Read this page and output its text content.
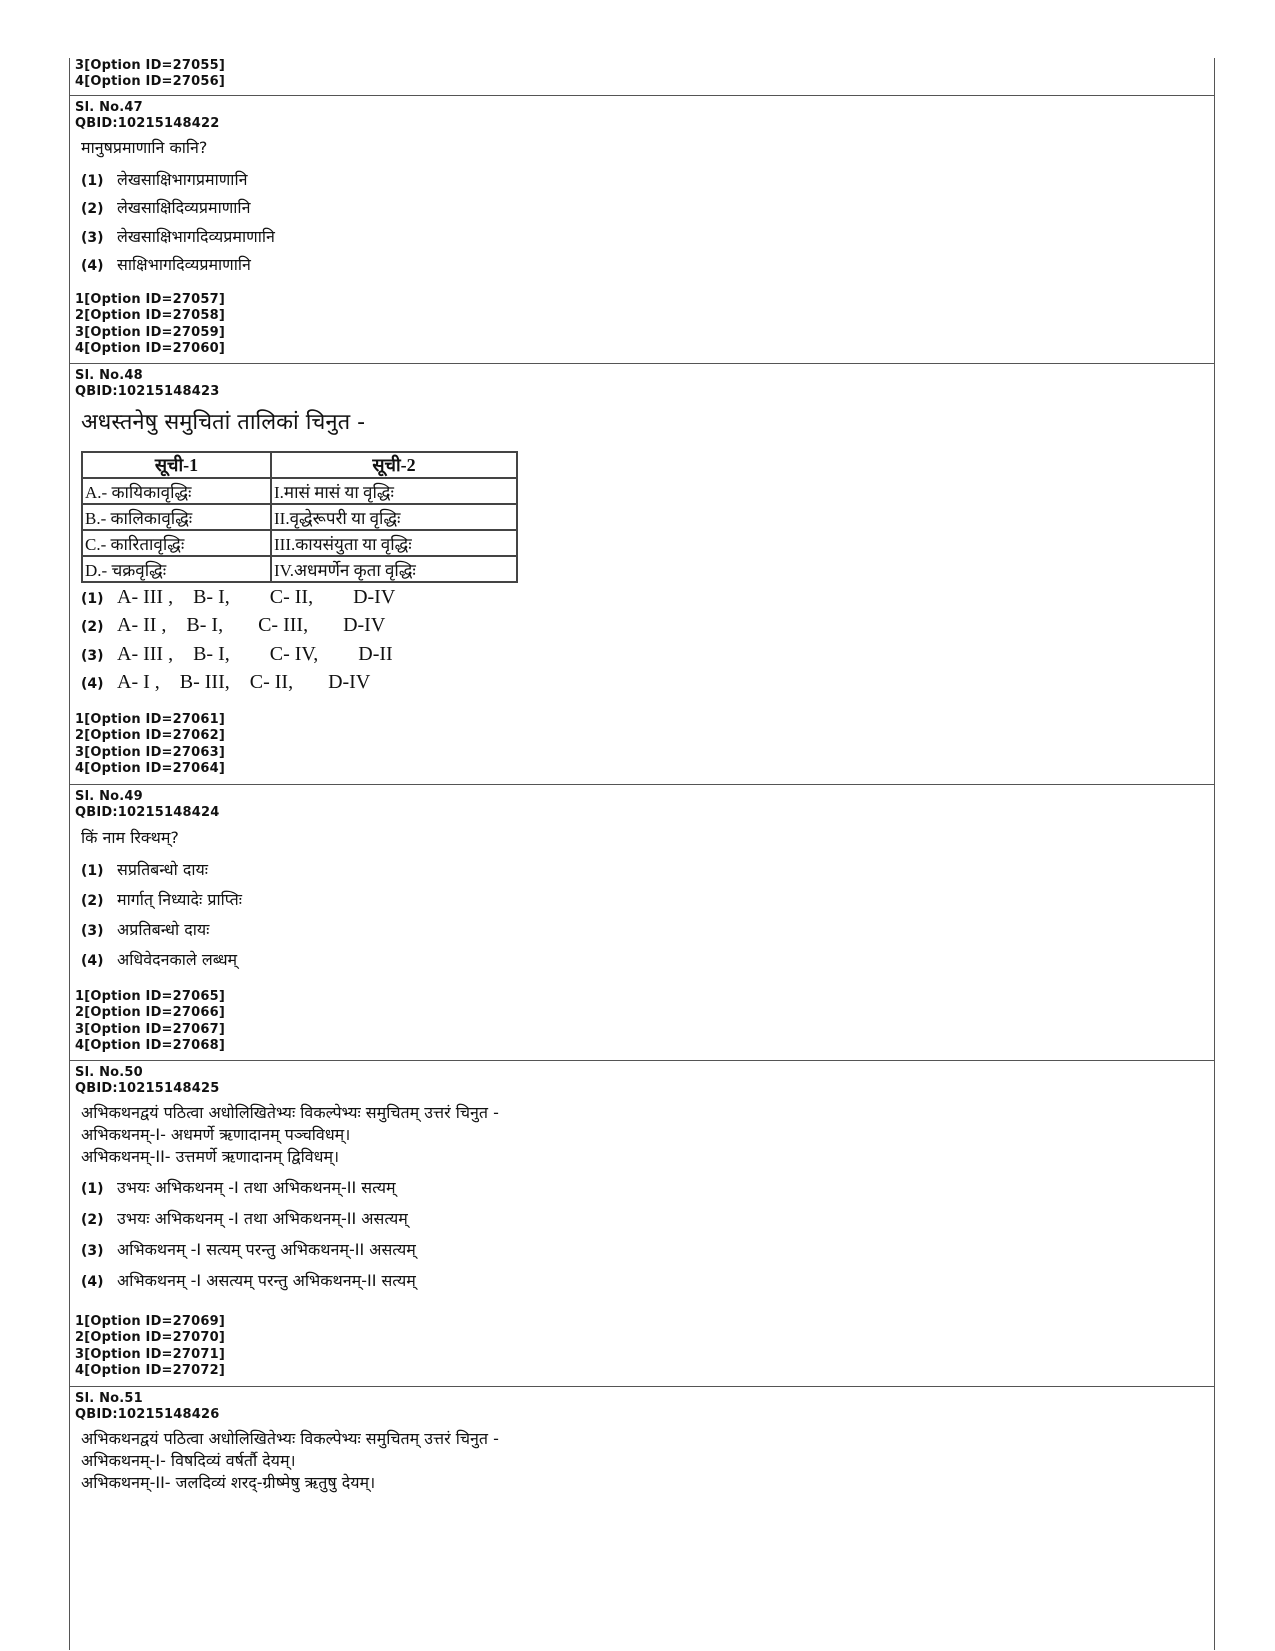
3[Option ID=27055]
4[Option ID=27056]
Sl. No.47
QBID:10215148422
मानुषप्रमाणानि कानि?
(1) लेखसाक्षिभागप्रमाणानि
(2) लेखसाक्षिदिव्यप्रमाणानि
(3) लेखसाक्षिभागदिव्यप्रमाणानि
(4) साक्षिभागदिव्यप्रमाणानि
1[Option ID=27057]
2[Option ID=27058]
3[Option ID=27059]
4[Option ID=27060]
Sl. No.48
QBID:10215148423
अधस्तनेषु समुचितां तालिकां चिनुत -
सूची-1	सूची-2
A.- कायिकावृद्धिः	I.मासं मासं या वृद्धिः
B.- कालिकावृद्धिः	II.वृद्धेरूपरी या वृद्धिः
C.- कारितावृद्धिः	III.कायसंयुता या वृद्धिः
D.- चक्रवृद्धिः	IV.अधमर्णेन कृता वृद्धिः
(1) A- III ,    B- I,        C- II,        D-IV
(2) A- II ,    B- I,       C- III,       D-IV
(3) A- III ,    B- I,        C- IV,        D-II
(4) A- I ,    B- III,    C- II,       D-IV
1[Option ID=27061]
2[Option ID=27062]
3[Option ID=27063]
4[Option ID=27064]
Sl. No.49
QBID:10215148424
किं नाम रिक्थम्?
(1) सप्रतिबन्धो दायः
(2) मार्गात् निध्यादेः प्राप्तिः
(3) अप्रतिबन्धो दायः
(4) अधिवेदनकाले लब्धम्
1[Option ID=27065]
2[Option ID=27066]
3[Option ID=27067]
4[Option ID=27068]
Sl. No.50
QBID:10215148425
अभिकथनद्वयं पठित्वा अधोलिखितेभ्यः विकल्पेभ्यः समुचितम् उत्तरं चिनुत -
अभिकथनम्-I- अधमर्णे ऋणादानम् पञ्चविधम्।
अभिकथनम्-II- उत्तमर्णे ऋणादानम् द्विविधम्।
(1) उभयः अभिकथनम् -I तथा अभिकथनम्-II सत्यम्
(2) उभयः अभिकथनम् -I तथा अभिकथनम्-II असत्यम्
(3) अभिकथनम् -I सत्यम् परन्तु अभिकथनम्-II असत्यम्
(4) अभिकथनम् -I असत्यम् परन्तु अभिकथनम्-II सत्यम्
1[Option ID=27069]
2[Option ID=27070]
3[Option ID=27071]
4[Option ID=27072]
Sl. No.51
QBID:10215148426
अभिकथनद्वयं पठित्वा अधोलिखितेभ्यः विकल्पेभ्यः समुचितम् उत्तरं चिनुत -
अभिकथनम्-I- विषदिव्यं वर्षर्तौ देयम्।
अभिकथनम्-II- जलदिव्यं शरद्-ग्रीष्मेषु ऋतुषु देयम्।
